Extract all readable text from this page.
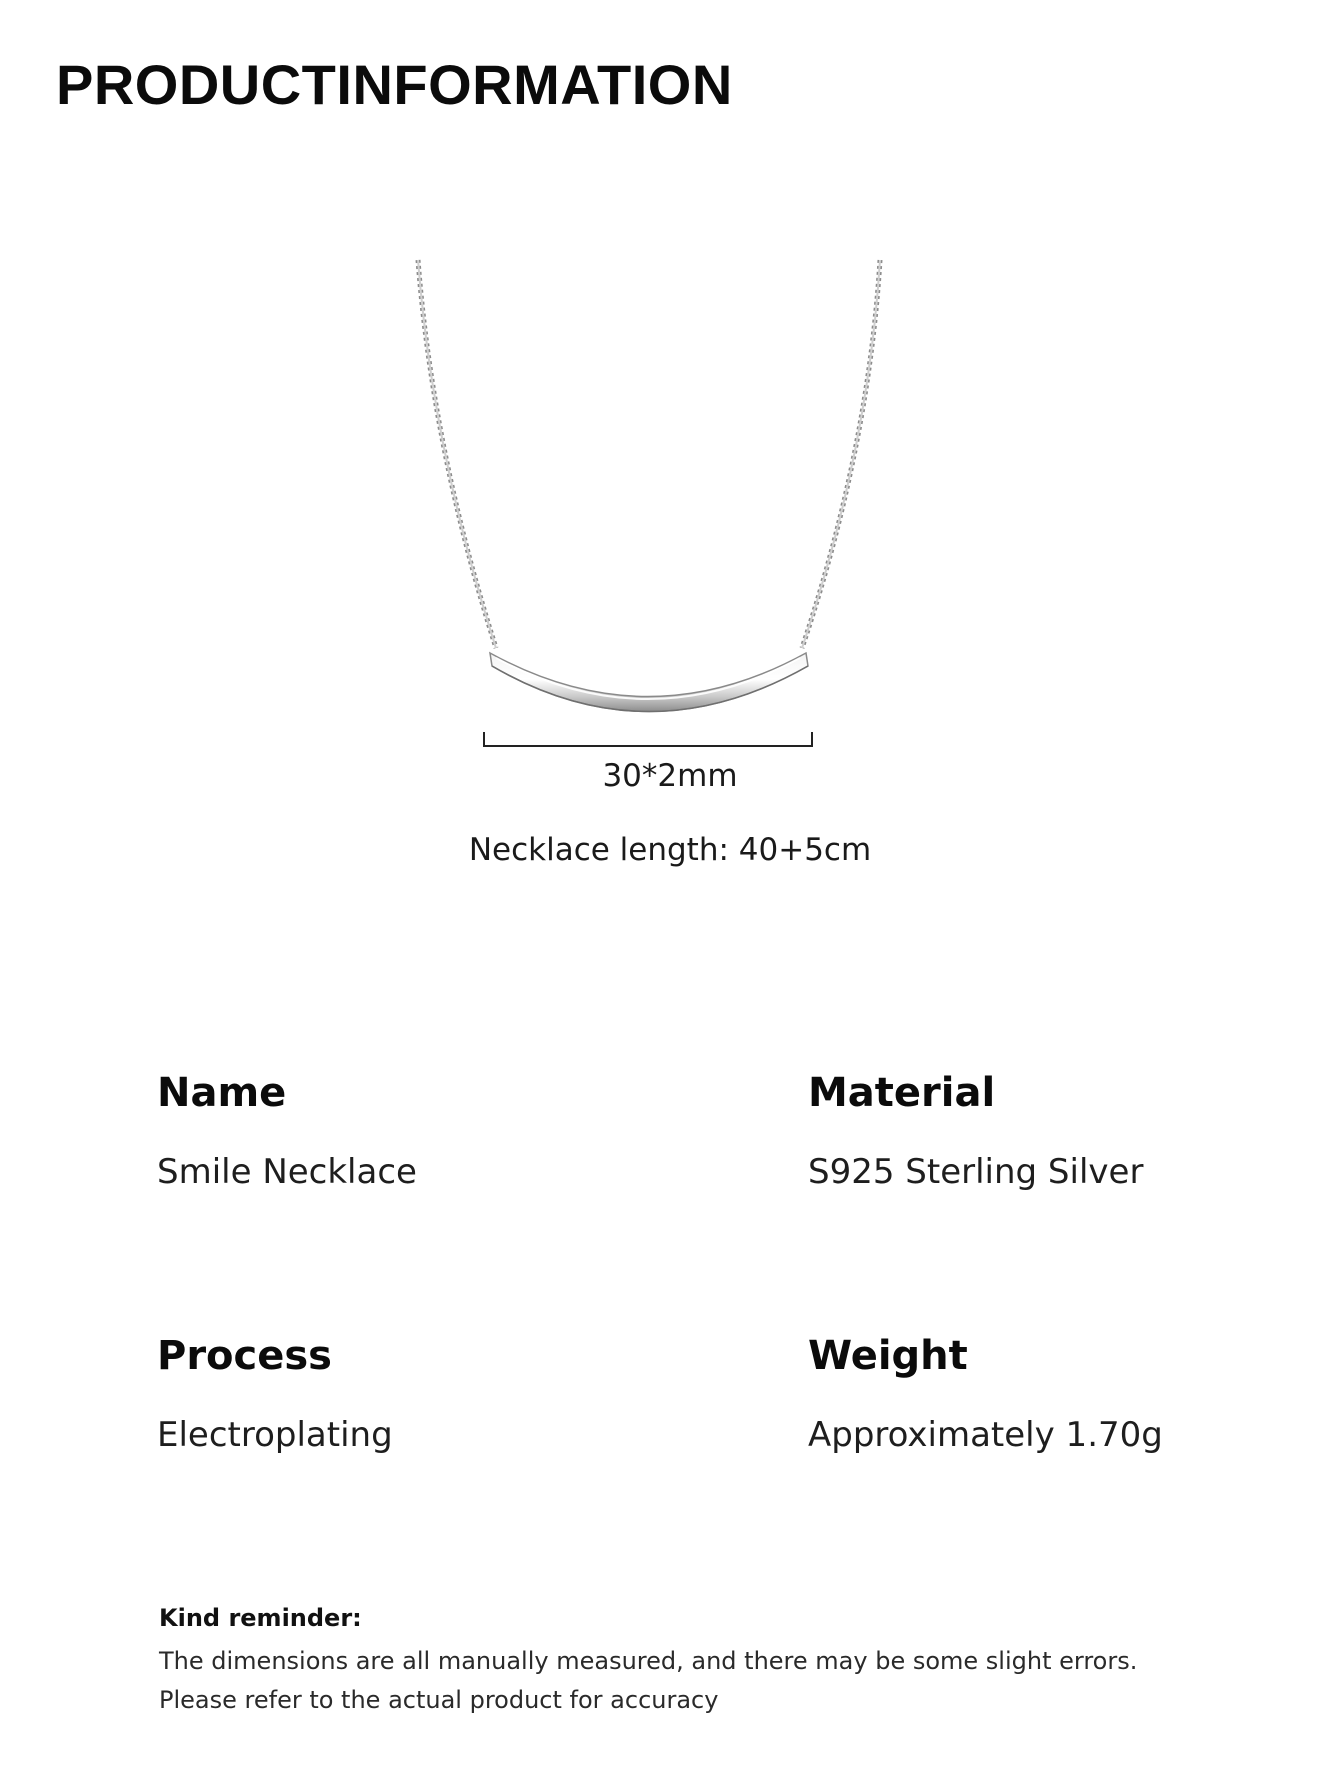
PRODUCTINFORMATION
30*2mm
Necklace length: 40+5cm
Name
Smile Necklace
Material
S925 Sterling Silver
Process
Electroplating
Weight
Approximately 1.70g
Kind reminder:
The dimensions are all manually measured, and there may be some slight errors.
Please refer to the actual product for accuracy
